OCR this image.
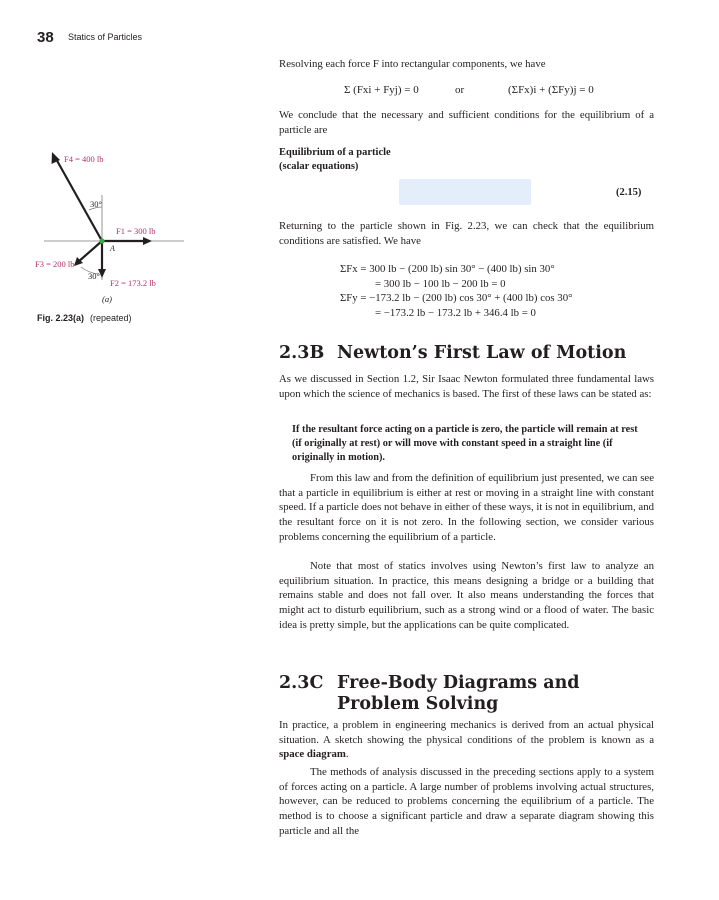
38 Statics of Particles
F4 = 400 lb
30°
F1 = 300 lb
A
F3 = 200 lb
30°
F2 = 173.2 lb
(a)
Fig. 2.23(a) (repeated)

Resolving each force F into rectangular components, we have

Σ (Fxi + Fyj) = 0	or	(ΣFx)i + (ΣFy)j = 0

We conclude that the necessary and sufficient conditions for the equilibrium of a particle are

Equilibrium of a particle
(scalar equations)
(2.15)

Returning to the particle shown in Fig. 2.23, we can check that the equilibrium conditions are satisfied. We have

ΣFx = 300 lb − (200 lb) sin 30° − (400 lb) sin 30°
= 300 lb − 100 lb − 200 lb = 0
ΣFy = −173.2 lb − (200 lb) cos 30° + (400 lb) cos 30°
= −173.2 lb − 173.2 lb + 346.4 lb = 0
2.3B Newton’s First Law of Motion

As we discussed in Section 1.2, Sir Isaac Newton formulated three fundamental laws upon which the science of mechanics is based. The first of these laws can be stated as:

If the resultant force acting on a particle is zero, the particle will remain at rest (if originally at rest) or will move with constant speed in a straight line (if originally in motion).

From this law and from the definition of equilibrium just presented, we can see that a particle in equilibrium is either at rest or moving in a straight line with constant speed. If a particle does not behave in either of these ways, it is not in equilibrium, and the resultant force on it is not zero. In the following section, we consider various problems concerning the equilibrium of a particle.

Note that most of statics involves using Newton’s first law to analyze an equilibrium situation. In practice, this means designing a bridge or a building that remains stable and does not fall over. It also means understanding the forces that might act to disturb equilibrium, such as a strong wind or a flood of water. The basic idea is pretty simple, but the applications can be quite complicated.

2.3C Free-Body Diagrams and Problem Solving

In practice, a problem in engineering mechanics is derived from an actual physical situation. A sketch showing the physical conditions of the problem is known as a space diagram.

The methods of analysis discussed in the preceding sections apply to a system of forces acting on a particle. A large number of problems involving actual structures, however, can be reduced to problems concerning the equilibrium of a particle. The method is to choose a significant particle and draw a separate diagram showing this particle and all the
